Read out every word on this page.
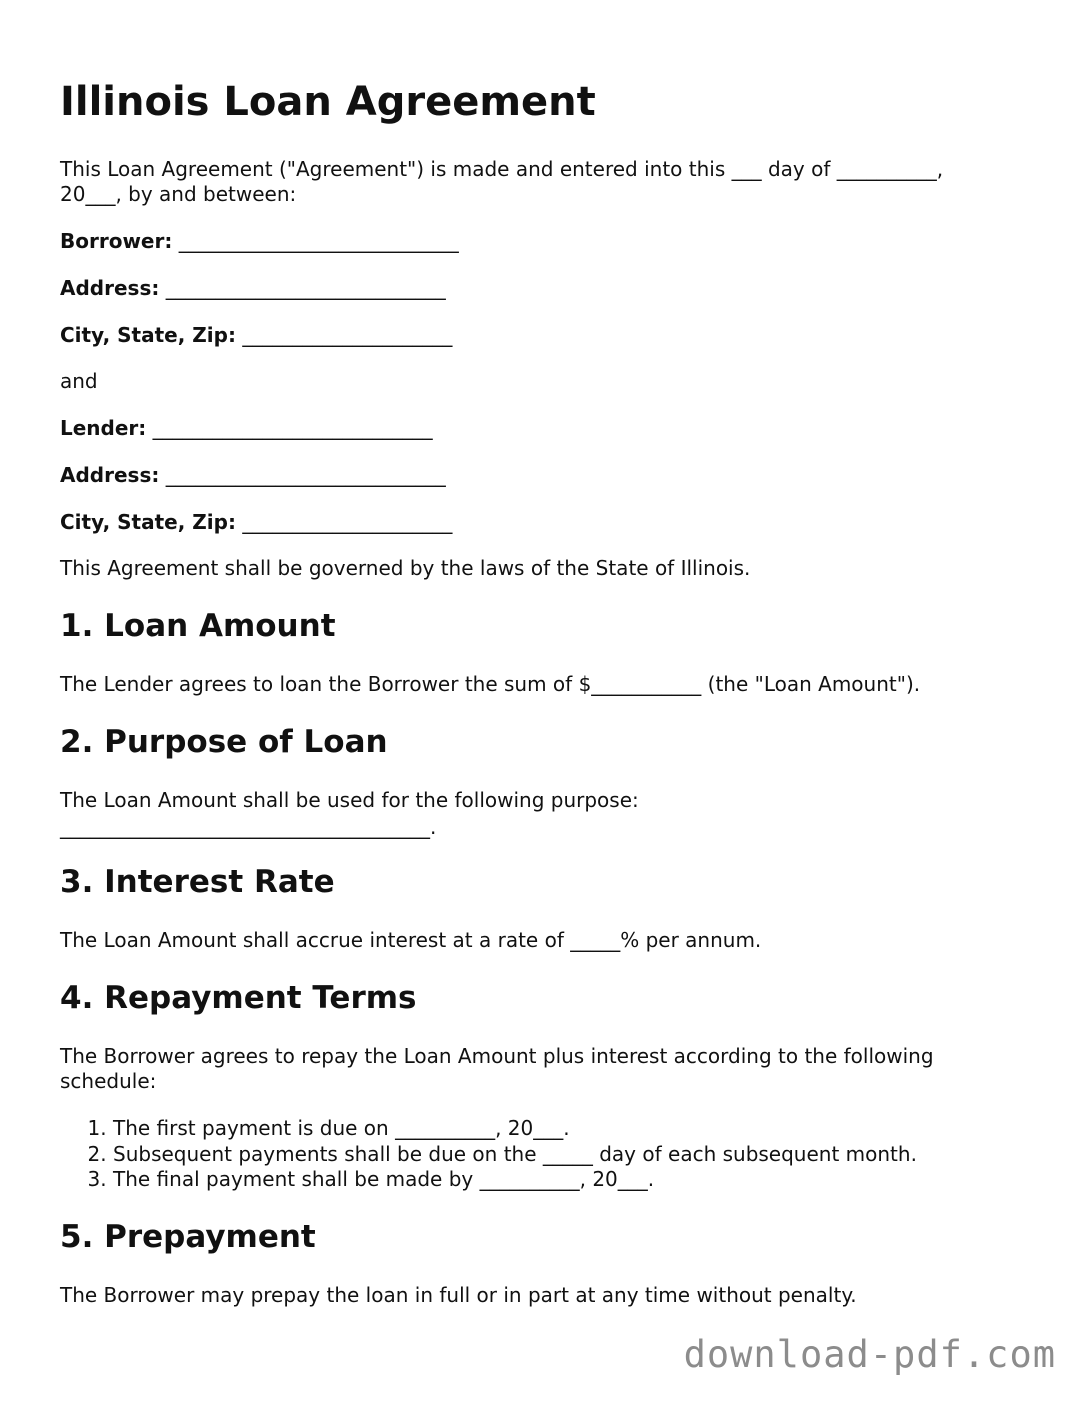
Illinois Loan Agreement

This Loan Agreement ("Agreement") is made and entered into this ___ day of __________,

20___, by and between:

Borrower: ____________________________

Address: ____________________________

City, State, Zip: _____________________

and

Lender: ____________________________

Address: ____________________________

City, State, Zip: _____________________

This Agreement shall be governed by the laws of the State of Illinois.

1. Loan Amount

The Lender agrees to loan the Borrower the sum of $___________ (the "Loan Amount").

2. Purpose of Loan

The Loan Amount shall be used for the following purpose:

_____________________________________.

3. Interest Rate

The Loan Amount shall accrue interest at a rate of _____% per annum.

4. Repayment Terms

The Borrower agrees to repay the Loan Amount plus interest according to the following

schedule:

1. The first payment is due on __________, 20___.
2. Subsequent payments shall be due on the _____ day of each subsequent month.
3. The final payment shall be made by __________, 20___.
5. Prepayment

The Borrower may prepay the loan in full or in part at any time without penalty.

download-pdf.com
